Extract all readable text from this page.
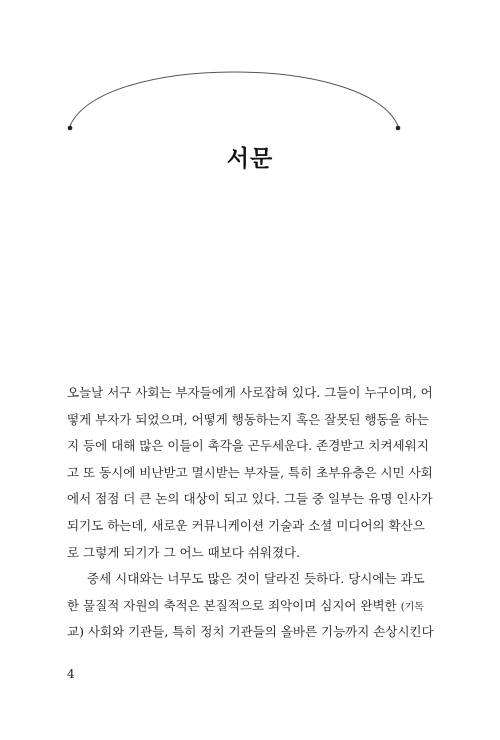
서문
오늘날 서구 사회는 부자들에게 사로잡혀 있다. 그들이 누구이며, 어
떻게 부자가 되었으며, 어떻게 행동하는지 혹은 잘못된 행동을 하는
지 등에 대해 많은 이들이 촉각을 곤두세운다. 존경받고 치켜세워지
고 또 동시에 비난받고 멸시받는 부자들, 특히 초부유층은 시민 사회
에서 점점 더 큰 논의 대상이 되고 있다. 그들 중 일부는 유명 인사가
되기도 하는데, 새로운 커뮤니케이션 기술과 소셜 미디어의 확산으
로 그렇게 되기가 그 어느 때보다 쉬워졌다.
중세 시대와는 너무도 많은 것이 달라진 듯하다. 당시에는 과도
한 물질적 자원의 축적은 본질적으로 죄악이며 심지어 완벽한 (기독
교) 사회와 기관들, 특히 정치 기관들의 올바른 기능까지 손상시킨다
4
